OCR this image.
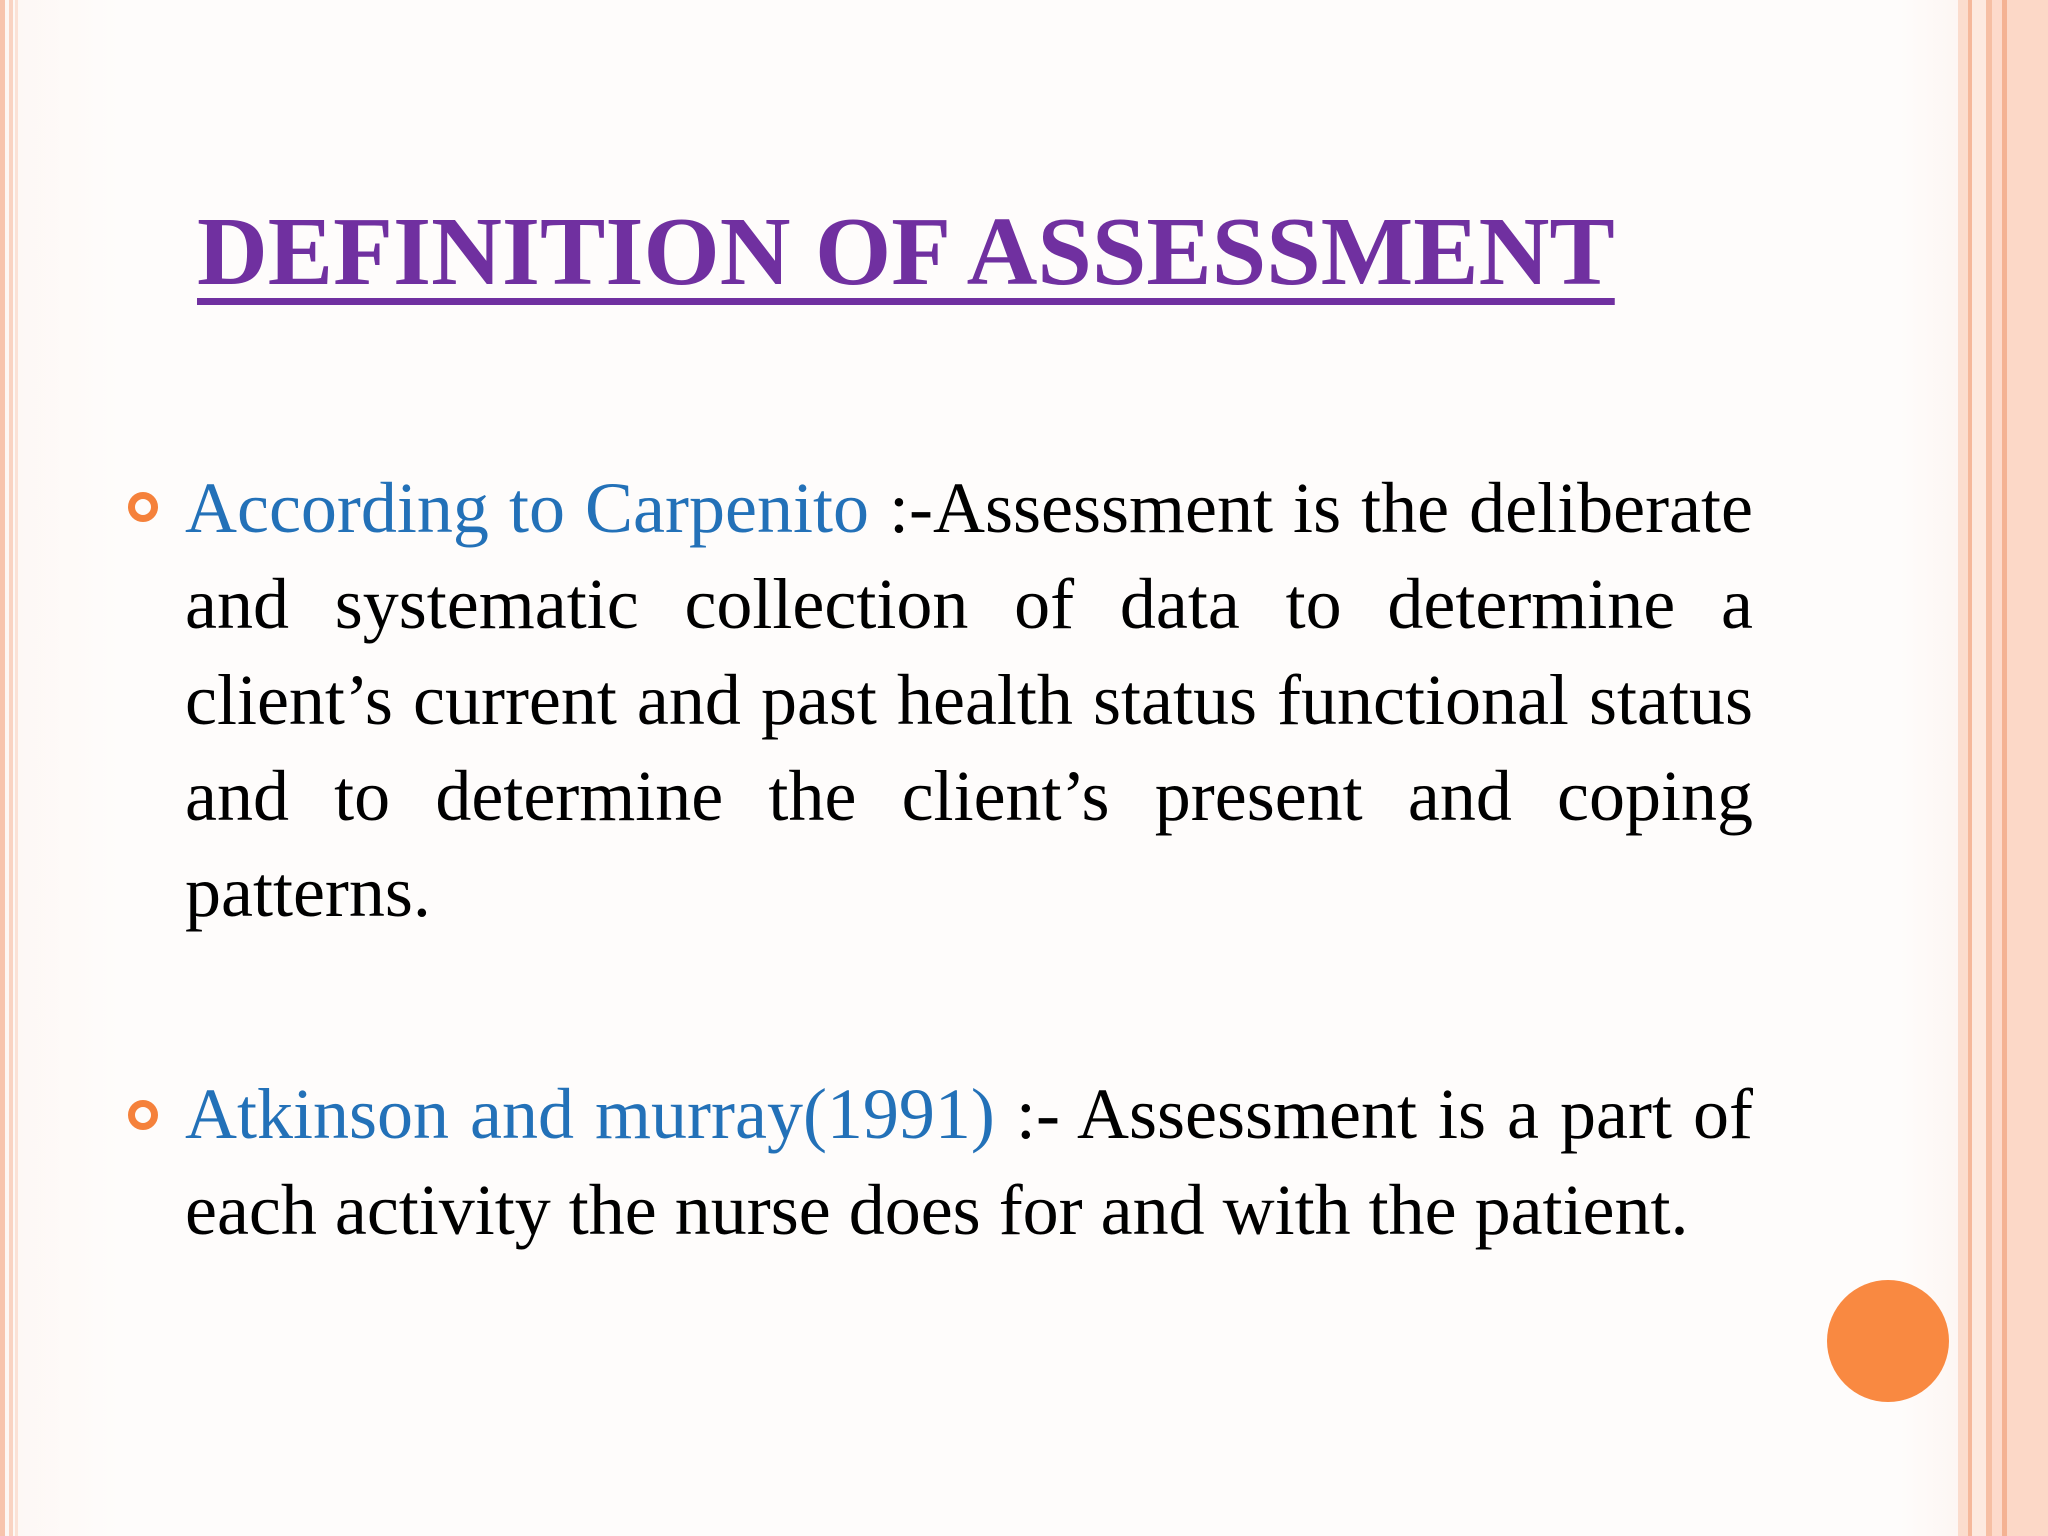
DEFINITION OF ASSESSMENT

According to Carpenito :-Assessment is the deliberate and systematic collection of data to determine a client’s current and past health status functional status and to determine the client’s present and coping patterns.

Atkinson and murray(1991) :- Assessment is a part of each activity the nurse does for and with the patient.
